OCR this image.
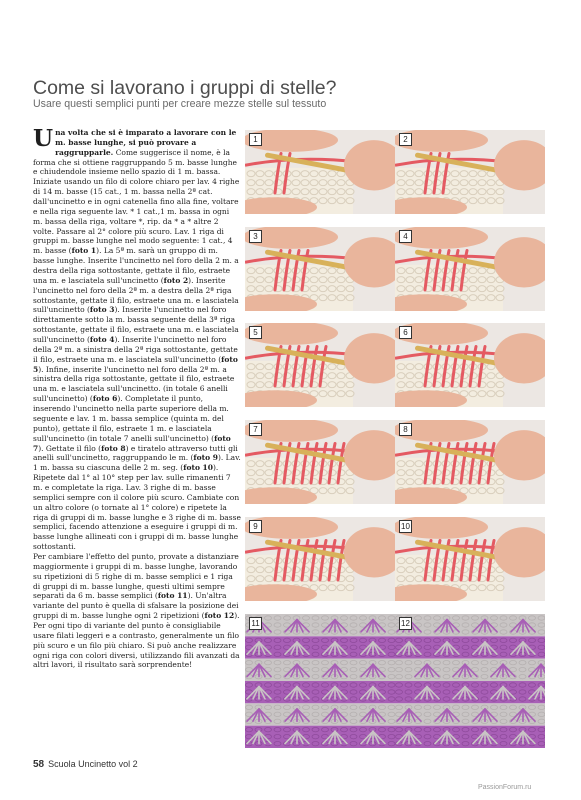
Come si lavorano i gruppi di stelle?
Usare questi semplici punti per creare mezze stelle sul tessuto

Una volta che si è imparato a lavorare con le m. basse lunghe, si può provare a raggrupparle. Come suggerisce il nome, è la forma che si ottiene raggruppando 5 m. basse lunghe e chiudendole insieme nello spazio di 1 m. bassa. Iniziate usando un filo di colore chiaro per lav. 4 righe di 14 m. basse (15 cat., 1 m. bassa nella 2ª cat. dall'uncinetto e in ogni catenella fino alla fine, voltare e nella riga seguente lav. * 1 cat.,1 m. bassa in ogni m. bassa della riga, voltare *, rip. da * a * altre 2 volte. Passare al 2° colore più scuro. Lav. 1 riga di gruppi m. basse lunghe nel modo seguente: 1 cat., 4 m. basse (foto 1). La 5ª m. sarà un gruppo di m. basse lunghe. Inserite l'uncinetto nel foro della 2 m. a destra della riga sottostante, gettate il filo, estraete una m. e lasciatela sull'uncinetto (foto 2). Inserite l'uncinetto nel foro della 2ª m. a destra della 2ª riga sottostante, gettate il filo, estraete una m. e lasciatela sull'uncinetto (foto 3). Inserite l'uncinetto nel foro direttamente sotto la m. bassa seguente della 3ª riga sottostante, gettate il filo, estraete una m. e lasciatela sull'uncinetto (foto 4). Inserite l'uncinetto nel foro della 2ª m. a sinistra della 2ª riga sottostante, gettate il filo, estraete una m. e lasciatela sull'uncinetto (foto 5). Infine, inserite l'uncinetto nel foro della 2ª m. a sinistra della riga sottostante, gettate il filo, estraete una m. e lasciatela sull'uncinetto. (in totale 6 anelli sull'uncinetto) (foto 6). Completate il punto, inserendo l'uncinetto nella parte superiore della m. seguente e lav. 1 m. bassa semplice (quinta m. del punto), gettate il filo, estraete 1 m. e lasciatela sull'uncinetto (in totale 7 anelli sull'uncinetto) (foto 7). Gettate il filo (foto 8) e tiratelo attraverso tutti gli anelli sull'uncinetto, raggruppando le m. (foto 9). Lav. 1 m. bassa su ciascuna delle 2 m. seg. (foto 10). Ripetete dal 1° al 10° step per lav. sulle rimanenti 7 m. e completate la riga. Lav. 3 righe di m. basse semplici sempre con il colore più scuro. Cambiate con un altro colore (o tornate al 1° colore) e ripetete la riga di gruppi di m. basse lunghe e 3 righe di m. basse semplici, facendo attenzione a eseguire i gruppi di m. basse lunghe allineati con i gruppi di m. basse lunghe sottostanti.

Per cambiare l'effetto del punto, provate a distanziare maggiormente i gruppi di m. basse lunghe, lavorando su ripetizioni di 5 righe di m. basse semplici e 1 riga di gruppi di m. basse lunghe, questi ultimi sempre separati da 6 m. basse semplici (foto 11). Un'altra variante del punto è quella di sfalsare la posizione dei gruppi di m. basse lunghe ogni 2 ripetizioni (foto 12).

Per ogni tipo di variante del punto è consigliabile usare filati leggeri e a contrasto, generalmente un filo più scuro e un filo più chiaro. Si può anche realizzare ogni riga con colori diversi, utilizzando fili avanzati da altri lavori, il risultato sarà sorprendente!

1	2
3	4
5	6
7	8
9	10
11	12
58 Scuola Uncinetto vol 2
PassionForum.ru
